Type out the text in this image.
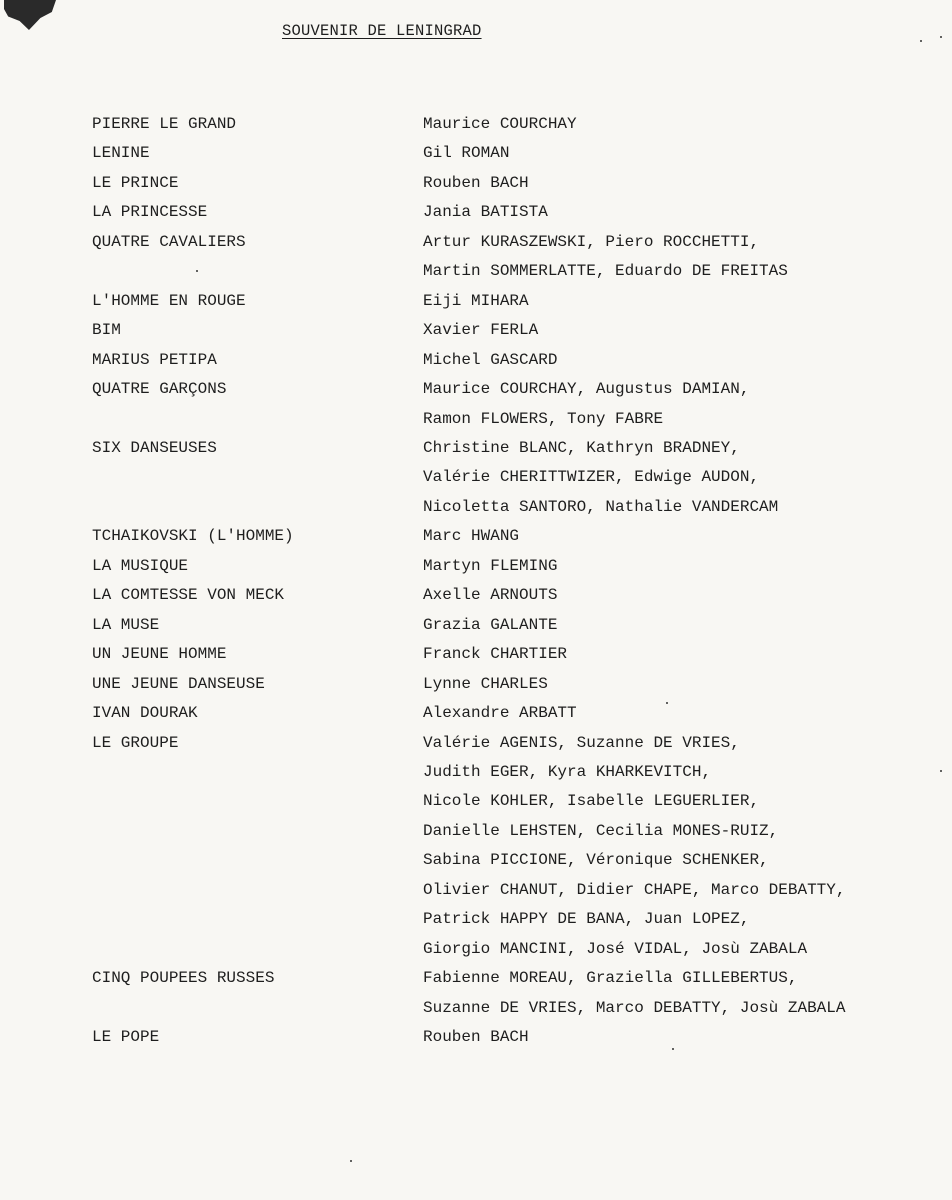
SOUVENIR DE LENINGRAD
PIERRE LE GRAND	Maurice COURCHAY
LENINE	Gil ROMAN
LE PRINCE	Rouben BACH
LA PRINCESSE	Jania BATISTA
QUATRE CAVALIERS	Artur KURASZEWSKI, Piero ROCCHETTI,
Martin SOMMERLATTE, Eduardo DE FREITAS
L'HOMME EN ROUGE	Eiji MIHARA
BIM	Xavier FERLA
MARIUS PETIPA	Michel GASCARD
QUATRE GARÇONS	Maurice COURCHAY, Augustus DAMIAN,
Ramon FLOWERS, Tony FABRE
SIX DANSEUSES	Christine BLANC, Kathryn BRADNEY,
Valérie CHERITTWIZER, Edwige AUDON,
Nicoletta SANTORO, Nathalie VANDERCAM
TCHAIKOVSKI (L'HOMME)	Marc HWANG
LA MUSIQUE	Martyn FLEMING
LA COMTESSE VON MECK	Axelle ARNOUTS
LA MUSE	Grazia GALANTE
UN JEUNE HOMME	Franck CHARTIER
UNE JEUNE DANSEUSE	Lynne CHARLES
IVAN DOURAK	Alexandre ARBATT
LE GROUPE	Valérie AGENIS, Suzanne DE VRIES,
Judith EGER, Kyra KHARKEVITCH,
Nicole KOHLER, Isabelle LEGUERLIER,
Danielle LEHSTEN, Cecilia MONES-RUIZ,
Sabina PICCIONE, Véronique SCHENKER,
Olivier CHANUT, Didier CHAPE, Marco DEBATTY,
Patrick HAPPY DE BANA, Juan LOPEZ,
Giorgio MANCINI, José VIDAL, Josù ZABALA
CINQ POUPEES RUSSES	Fabienne MOREAU, Graziella GILLEBERTUS,
Suzanne DE VRIES, Marco DEBATTY, Josù ZABALA
LE POPE	Rouben BACH
